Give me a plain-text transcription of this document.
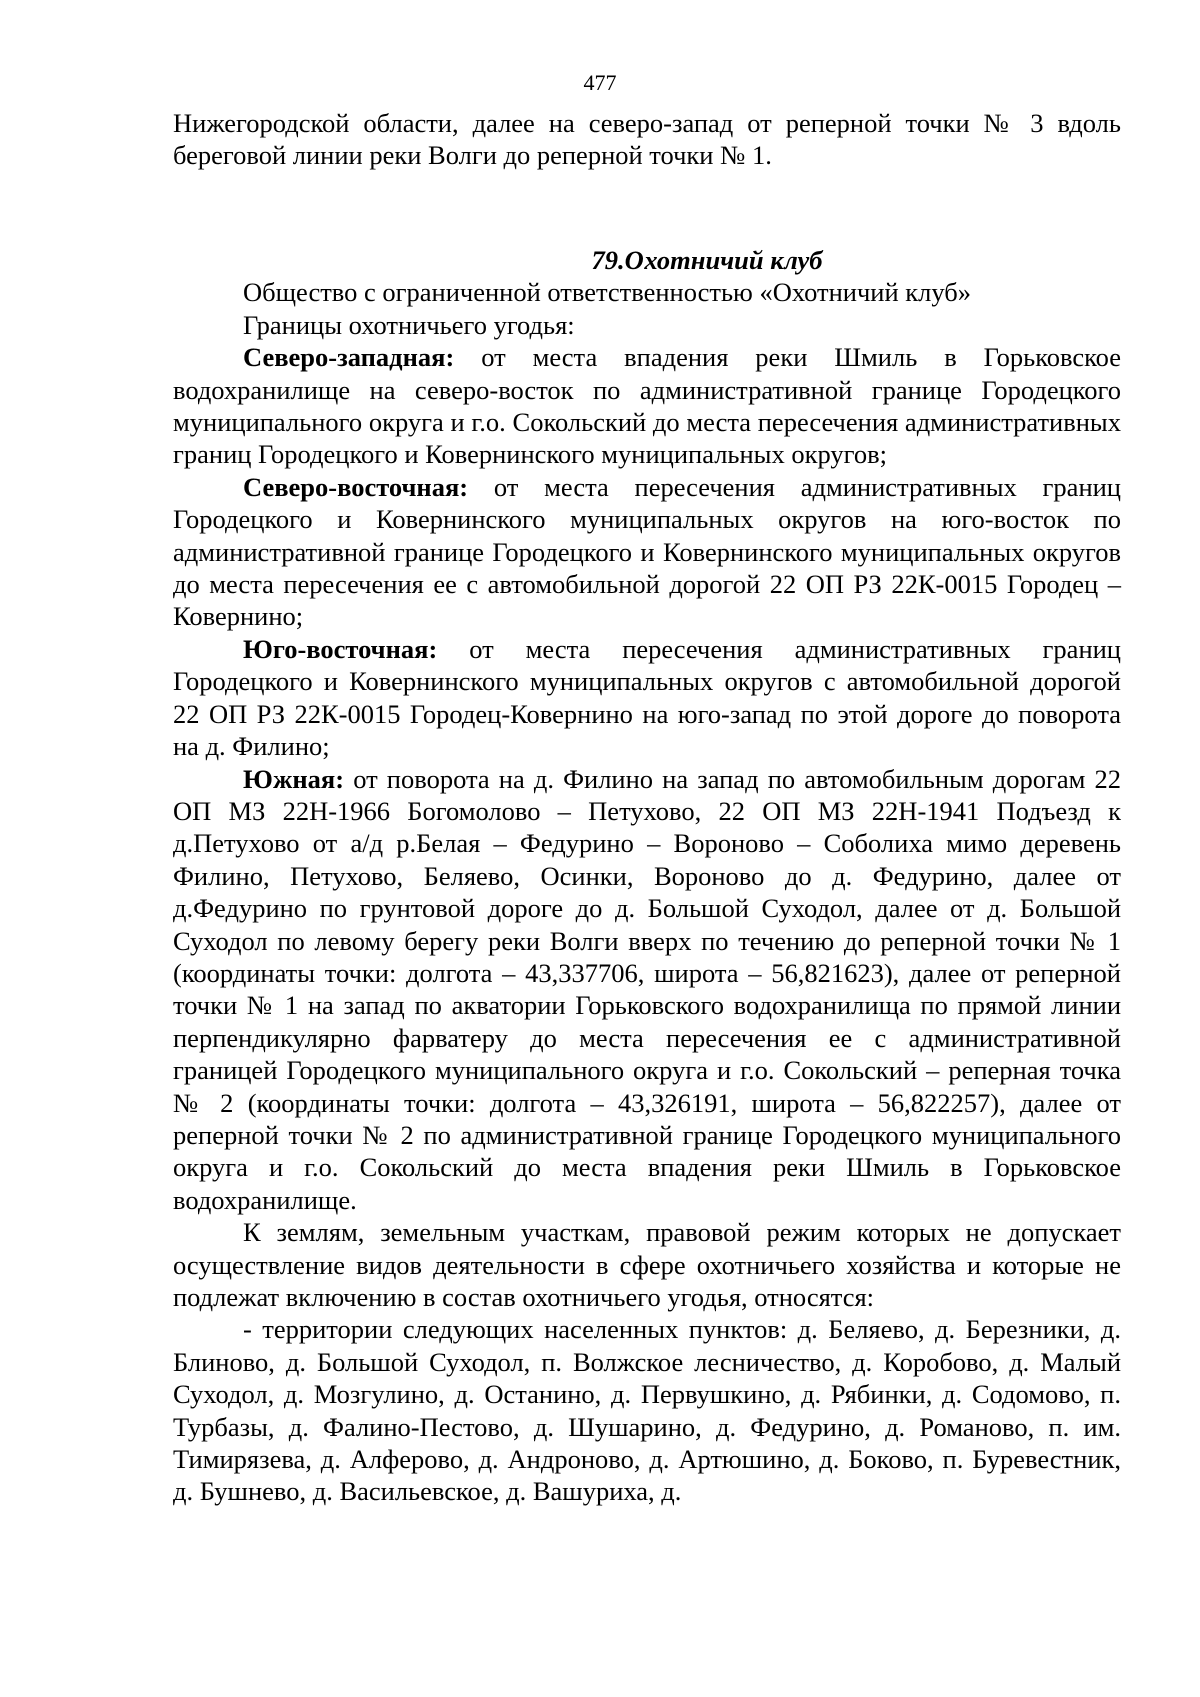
477

Нижегородской области, далее на северо-запад от реперной точки № 3 вдоль береговой линии реки Волги до реперной точки № 1.

79.Охотничий клуб

Общество с ограниченной ответственностью «Охотничий клуб»

Границы охотничьего угодья:

Северо-западная: от места впадения реки Шмиль в Горьковское водохранилище на северо-восток по административной границе Городецкого муниципального округа и г.о. Сокольский до места пересечения административных границ Городецкого и Ковернинского муниципальных округов;

Северо-восточная: от места пересечения административных границ Городецкого и Ковернинского муниципальных округов на юго-восток по административной границе Городецкого и Ковернинского муниципальных округов до места пересечения ее с автомобильной дорогой 22 ОП РЗ 22К-0015 Городец – Ковернино;

Юго-восточная: от места пересечения административных границ Городецкого и Ковернинского муниципальных округов с автомобильной дорогой 22 ОП РЗ 22К-0015 Городец-Ковернино на юго-запад по этой дороге до поворота на д. Филино;

Южная: от поворота на д. Филино на запад по автомобильным дорогам 22 ОП МЗ 22Н-1966 Богомолово – Петухово, 22 ОП МЗ 22Н-1941 Подъезд к д.Петухово от а/д р.Белая – Федурино – Вороново – Соболиха мимо деревень Филино, Петухово, Беляево, Осинки, Вороново до д. Федурино, далее от д.Федурино по грунтовой дороге до д. Большой Суходол, далее от д. Большой Суходол по левому берегу реки Волги вверх по течению до реперной точки № 1 (координаты точки: долгота – 43,337706, широта – 56,821623), далее от реперной точки № 1 на запад по акватории Горьковского водохранилища по прямой линии перпендикулярно фарватеру до места пересечения ее с административной границей Городецкого муниципального округа и г.о. Сокольский – реперная точка № 2 (координаты точки: долгота – 43,326191, широта – 56,822257), далее от реперной точки № 2 по административной границе Городецкого муниципального округа и г.о. Сокольский до места впадения реки Шмиль в Горьковское водохранилище.

К землям, земельным участкам, правовой режим которых не допускает осуществление видов деятельности в сфере охотничьего хозяйства и которые не подлежат включению в состав охотничьего угодья, относятся:

- территории следующих населенных пунктов: д. Беляево, д. Березники, д. Блиново, д. Большой Суходол, п. Волжское лесничество, д. Коробово, д. Малый Суходол, д. Мозгулино, д. Останино, д. Первушкино, д. Рябинки, д. Содомово, п. Турбазы, д. Фалино-Пестово, д. Шушарино, д. Федурино, д. Романово, п. им. Тимирязева, д. Алферово, д. Андроново, д. Артюшино, д. Боково, п. Буревестник, д. Бушнево, д. Васильевское, д. Вашуриха, д.
